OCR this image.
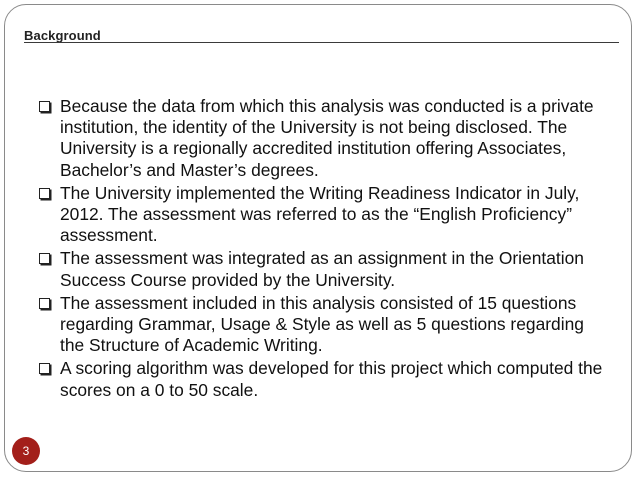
Background
Because the data from which this analysis was conducted is a private institution, the identity of the University is not being disclosed. The University is a regionally accredited institution offering Associates, Bachelor’s and Master’s degrees.
The University implemented the Writing Readiness Indicator in July, 2012. The assessment was referred to as the “English Proficiency” assessment.
The assessment was integrated as an assignment in the Orientation Success Course provided by the University.
The assessment included in this analysis consisted of 15 questions regarding Grammar, Usage & Style as well as 5 questions regarding the Structure of Academic Writing.
A scoring algorithm was developed for this project which computed the scores on a 0 to 50 scale.
3
